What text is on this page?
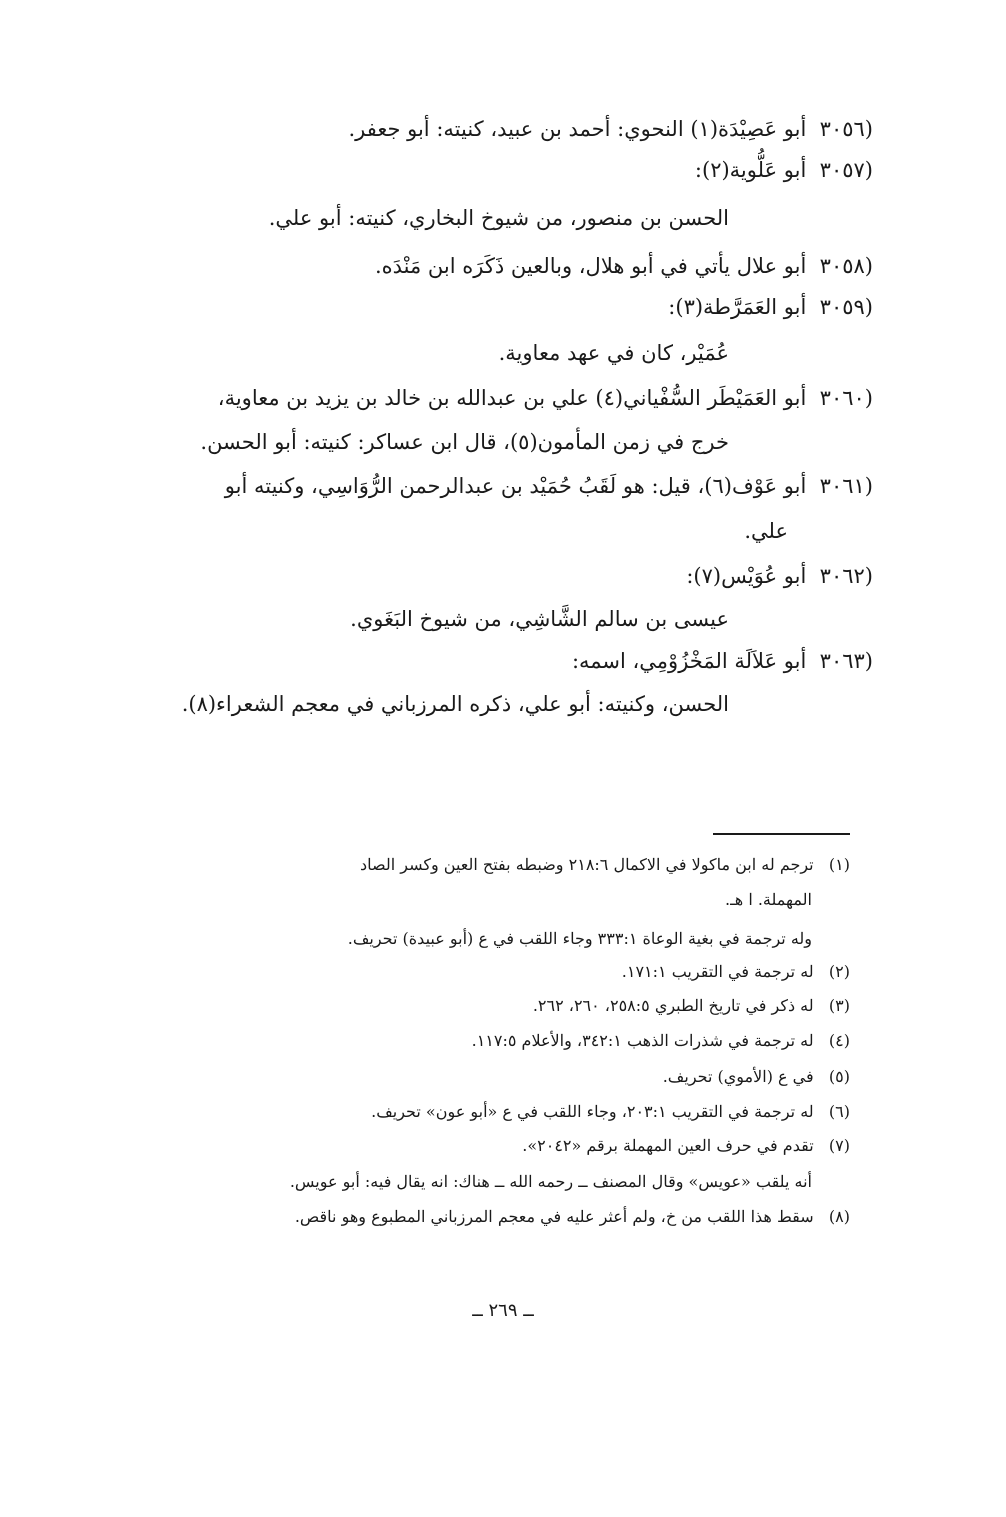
(٣٠٥٦  أبو عَصِيْدَة(١) النحوي: أحمد بن عبيد، كنيته: أبو جعفر.
(٣٠٥٧  أبو عَلُّوية(٢):
الحسن بن منصور، من شيوخ البخاري، كنيته: أبو علي.
(٣٠٥٨  أبو علال يأتي في أبو هلال، وبالعين ذَكَرَه ابن مَنْدَه.
(٣٠٥٩  أبو العَمَرَّطة(٣):
عُمَيْر، كان في عهد معاوية.
(٣٠٦٠  أبو العَمَيْطَر السُّفْياني(٤) علي بن عبدالله بن خالد بن يزيد بن معاوية،
خرج في زمن المأمون(٥)، قال ابن عساكر: كنيته: أبو الحسن.
(٣٠٦١  أبو عَوْف(٦)، قيل: هو لَقَبُ حُمَيْد بن عبدالرحمن الرُّوَاسِي، وكنيته أبو
علي.
(٣٠٦٢  أبو عُوَيْس(٧):
عيسى بن سالم الشَّاشِي، من شيوخ البَغَوي.
(٣٠٦٣  أبو عَلاَلَة المَخْزُوْمِي، اسمه:
الحسن، وكنيته: أبو علي، ذكره المرزباني في معجم الشعراء(٨).
(١)   ترجم له ابن ماكولا في الاكمال ٢١٨:٦ وضبطه بفتح العين وكسر الصاد
المهملة. ا هـ.
وله ترجمة في بغية الوعاة ٣٣٣:١ وجاء اللقب في ع (أبو عبيدة) تحريف.
(٢)   له ترجمة في التقريب ١٧١:١.
(٣)   له ذكر في تاريخ الطبري ٢٥٨:٥، ٢٦٠، ٢٦٢.
(٤)   له ترجمة في شذرات الذهب ٣٤٢:١، والأعلام ١١٧:٥.
(٥)   في ع (الأموي) تحريف.
(٦)   له ترجمة في التقريب ٢٠٣:١، وجاء اللقب في ع «أبو عون» تحريف.
(٧)   تقدم في حرف العين المهملة برقم «٢٠٤٢».
أنه يلقب «عويس» وقال المصنف ــ رحمه الله ــ هناك: انه يقال فيه: أبو عويس.
(٨)   سقط هذا اللقب من خ، ولم أعثر عليه في معجم المرزباني المطبوع وهو ناقص.
ــ ٢٦٩ ــ
